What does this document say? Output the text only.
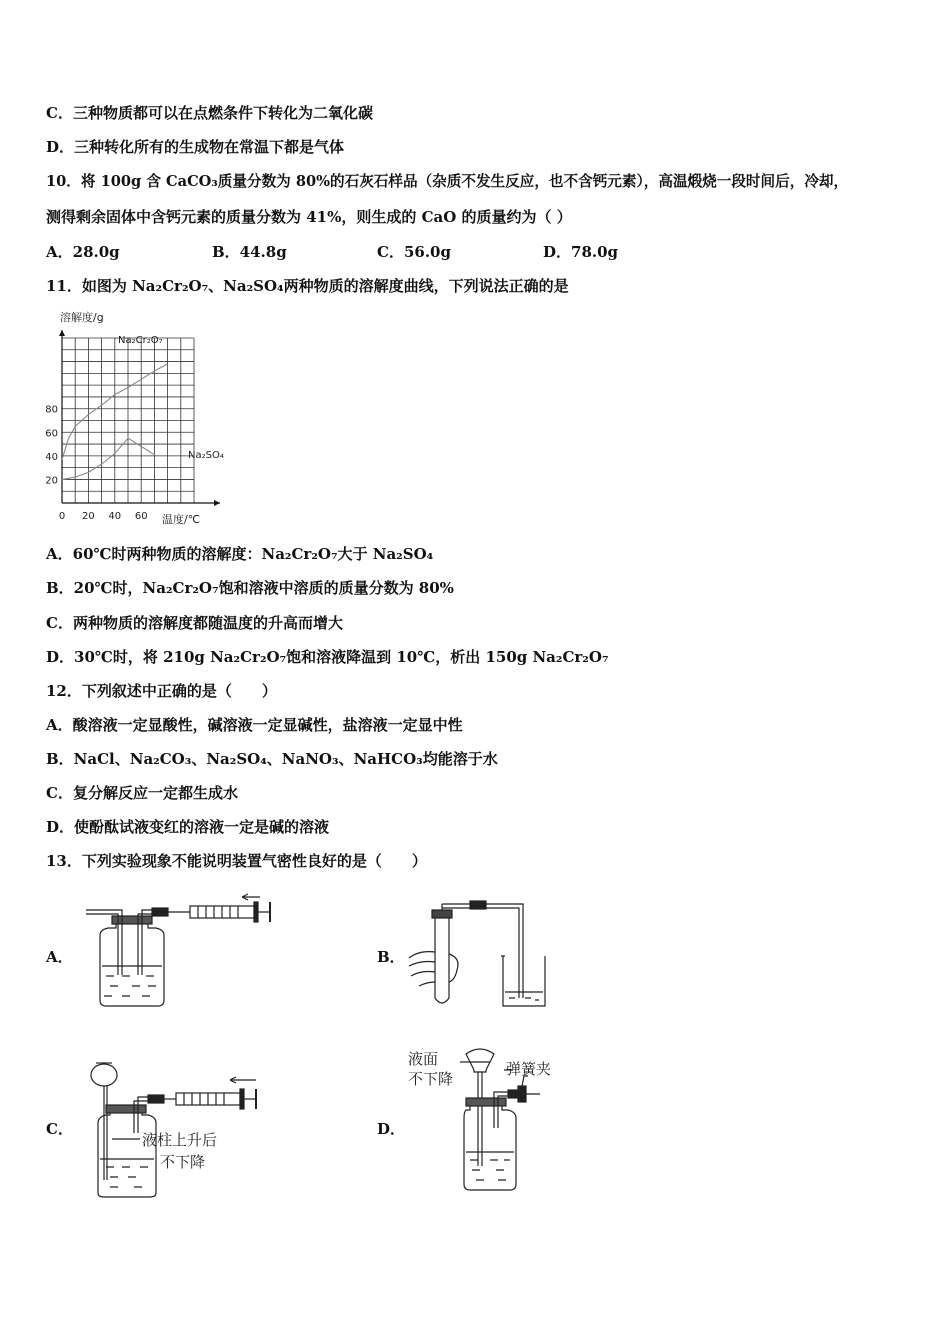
C．三种物质都可以在点燃条件下转化为二氧化碳
D．三种转化所有的生成物在常温下都是气体
10．将 100g 含 CaCO₃质量分数为 80%的石灰石样品（杂质不发生反应，也不含钙元素），高温煅烧一段时间后，冷却，
测得剩余固体中含钙元素的质量分数为 41%，则生成的 CaO 的质量约为（ ）
A．28.0g	B．44.8g	C．56.0g	D．78.0g
11．如图为 Na₂Cr₂O₇、Na₂SO₄两种物质的溶解度曲线，下列说法正确的是
溶解度/g
温度/℃
Na₂Cr₂O₇
Na₂SO₄
0 20 40 60
20
40
60
80
A．60℃时两种物质的溶解度：Na₂Cr₂O₇大于 Na₂SO₄
B．20℃时，Na₂Cr₂O₇饱和溶液中溶质的质量分数为 80%
C．两种物质的溶解度都随温度的升高而增大
D．30℃时，将 210g Na₂Cr₂O₇饱和溶液降温到 10℃，析出 150g Na₂Cr₂O₇
12．下列叙述中正确的是（　　）
A．酸溶液一定显酸性，碱溶液一定显碱性，盐溶液一定显中性
B．NaCl、Na₂CO₃、Na₂SO₄、NaNO₃、NaHCO₃均能溶于水
C．复分解反应一定都生成水
D．使酚酞试液变红的溶液一定是碱的溶液
13．下列实验现象不能说明装置气密性良好的是（　　）
A．	B．
C．	D．
液柱上升后
不下降
液面
不下降
弹簧夹
